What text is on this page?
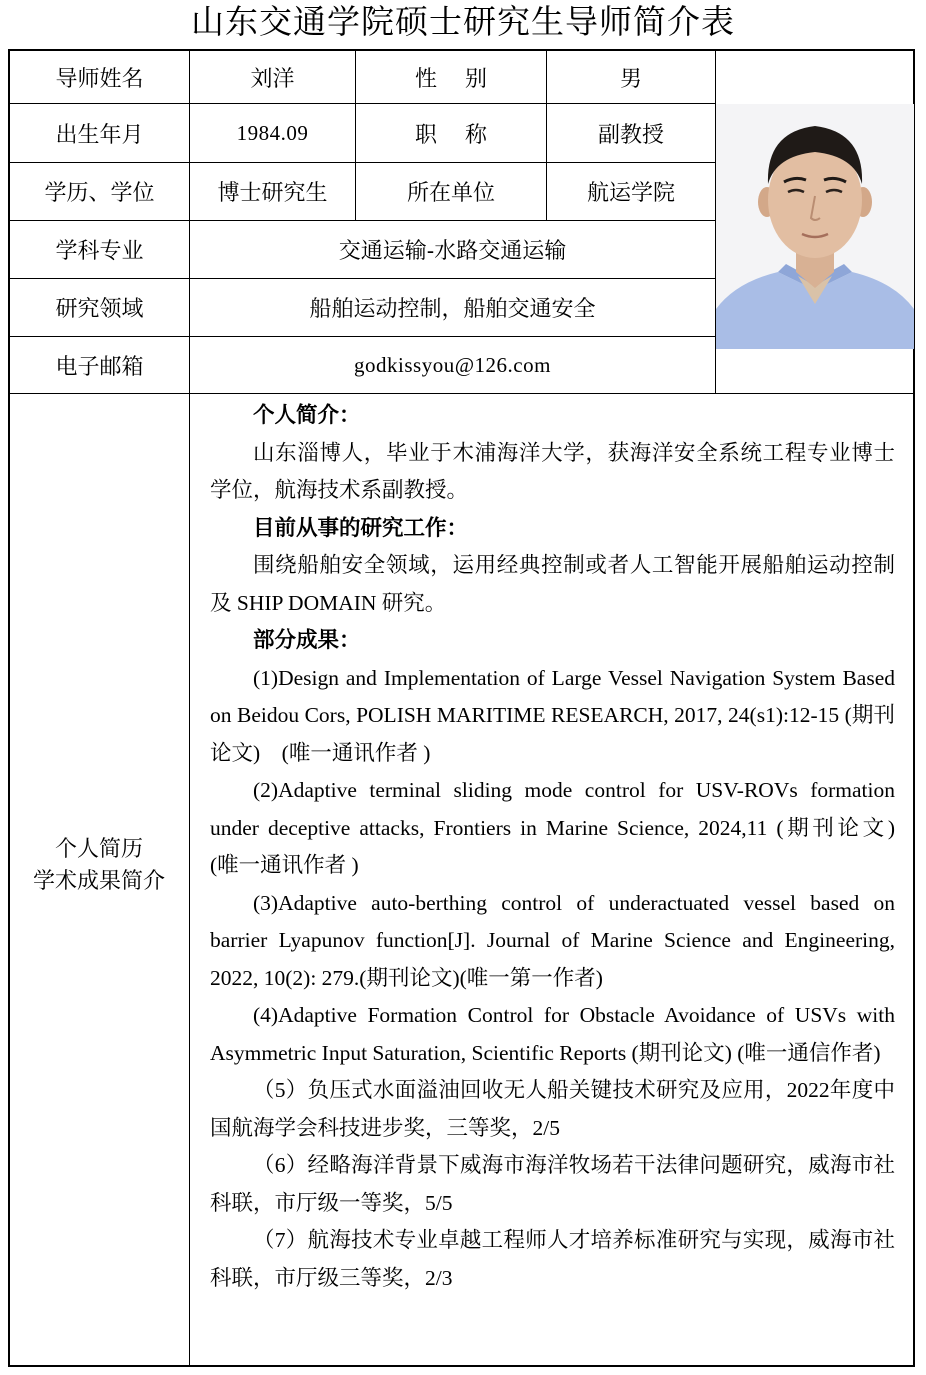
山东交通学院硕士研究生导师简介表
导师姓名	刘洋	性别	男
出生年月	1984.09	职称	副教授
学历、学位	博士研究生	所在单位	航运学院
学科专业	交通运输-水路交通运输
研究领域	船舶运动控制，船舶交通安全
电子邮箱	godkissyou@126.com
个人简历
学术成果简介

个人简介：

山东淄博人，毕业于木浦海洋大学，获海洋安全系统工程专业博士学位，航海技术系副教授。

目前从事的研究工作：

围绕船舶安全领域，运用经典控制或者人工智能开展船舶运动控制及 SHIP DOMAIN 研究。

部分成果：

(1)Design and Implementation of Large Vessel Navigation System Based on Beidou Cors, POLISH MARITIME RESEARCH, 2017, 24(s1):12-15 (期刊论文)　(唯一通讯作者 )

(2)Adaptive terminal sliding mode control for USV-ROVs formation under deceptive attacks, Frontiers in Marine Science, 2024,11 (期刊论文)　(唯一通讯作者 )

(3)Adaptive auto-berthing control of underactuated vessel based on barrier Lyapunov function[J]. Journal of Marine Science and Engineering, 2022, 10(2): 279.(期刊论文)(唯一第一作者)

(4)Adaptive Formation Control for Obstacle Avoidance of USVs with Asymmetric Input Saturation, Scientific Reports (期刊论文) (唯一通信作者)

（5）负压式水面溢油回收无人船关键技术研究及应用，2022年度中国航海学会科技进步奖，三等奖，2/5

（6）经略海洋背景下威海市海洋牧场若干法律问题研究，威海市社科联，市厅级一等奖，5/5

（7）航海技术专业卓越工程师人才培养标准研究与实现，威海市社科联，市厅级三等奖，2/3
